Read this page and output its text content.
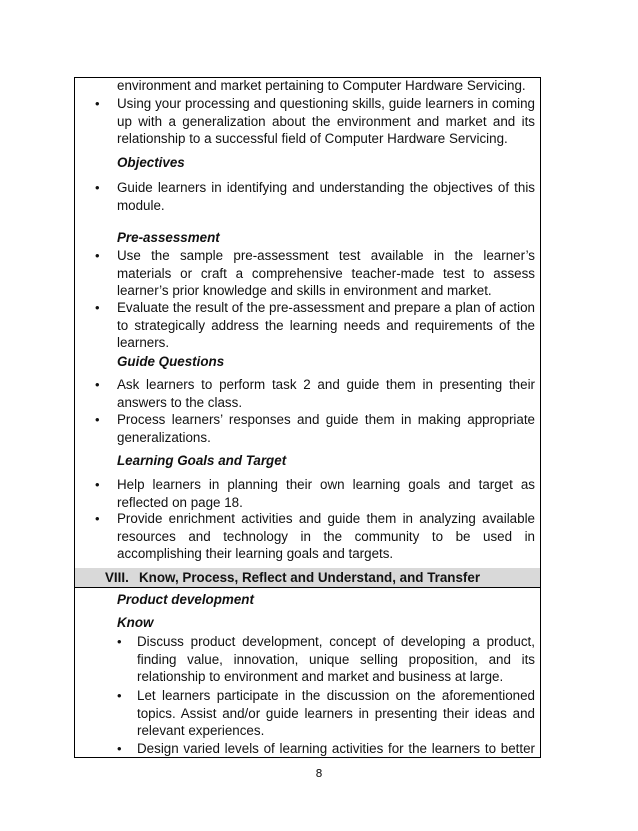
environment and market pertaining to Computer Hardware Servicing.
• Using your processing and questioning skills, guide learners in coming up with a generalization about the environment and market and its relationship to a successful field of Computer Hardware Servicing.
Objectives
• Guide learners in identifying and understanding the objectives of this module.
Pre-assessment
• Use the sample pre-assessment test available in the learner’s materials or craft a comprehensive teacher-made test to assess learner’s prior knowledge and skills in environment and market.
• Evaluate the result of the pre-assessment and prepare a plan of action to strategically address the learning needs and requirements of the learners.
Guide Questions
• Ask learners to perform task 2 and guide them in presenting their answers to the class.
• Process learners’ responses and guide them in making appropriate generalizations.
Learning Goals and Target
• Help learners in planning their own learning goals and target as reflected on page 18.
• Provide enrichment activities and guide them in analyzing available resources and technology in the community to be used in accomplishing their learning goals and targets.
VIII. Know, Process, Reflect and Understand, and Transfer
Product development
Know
• Discuss product development, concept of developing a product, finding value, innovation, unique selling proposition, and its relationship to environment and market and business at large.
• Let learners participate in the discussion on the aforementioned topics. Assist and/or guide learners in presenting their ideas and relevant experiences.
• Design varied levels of learning activities for the learners to better
8
